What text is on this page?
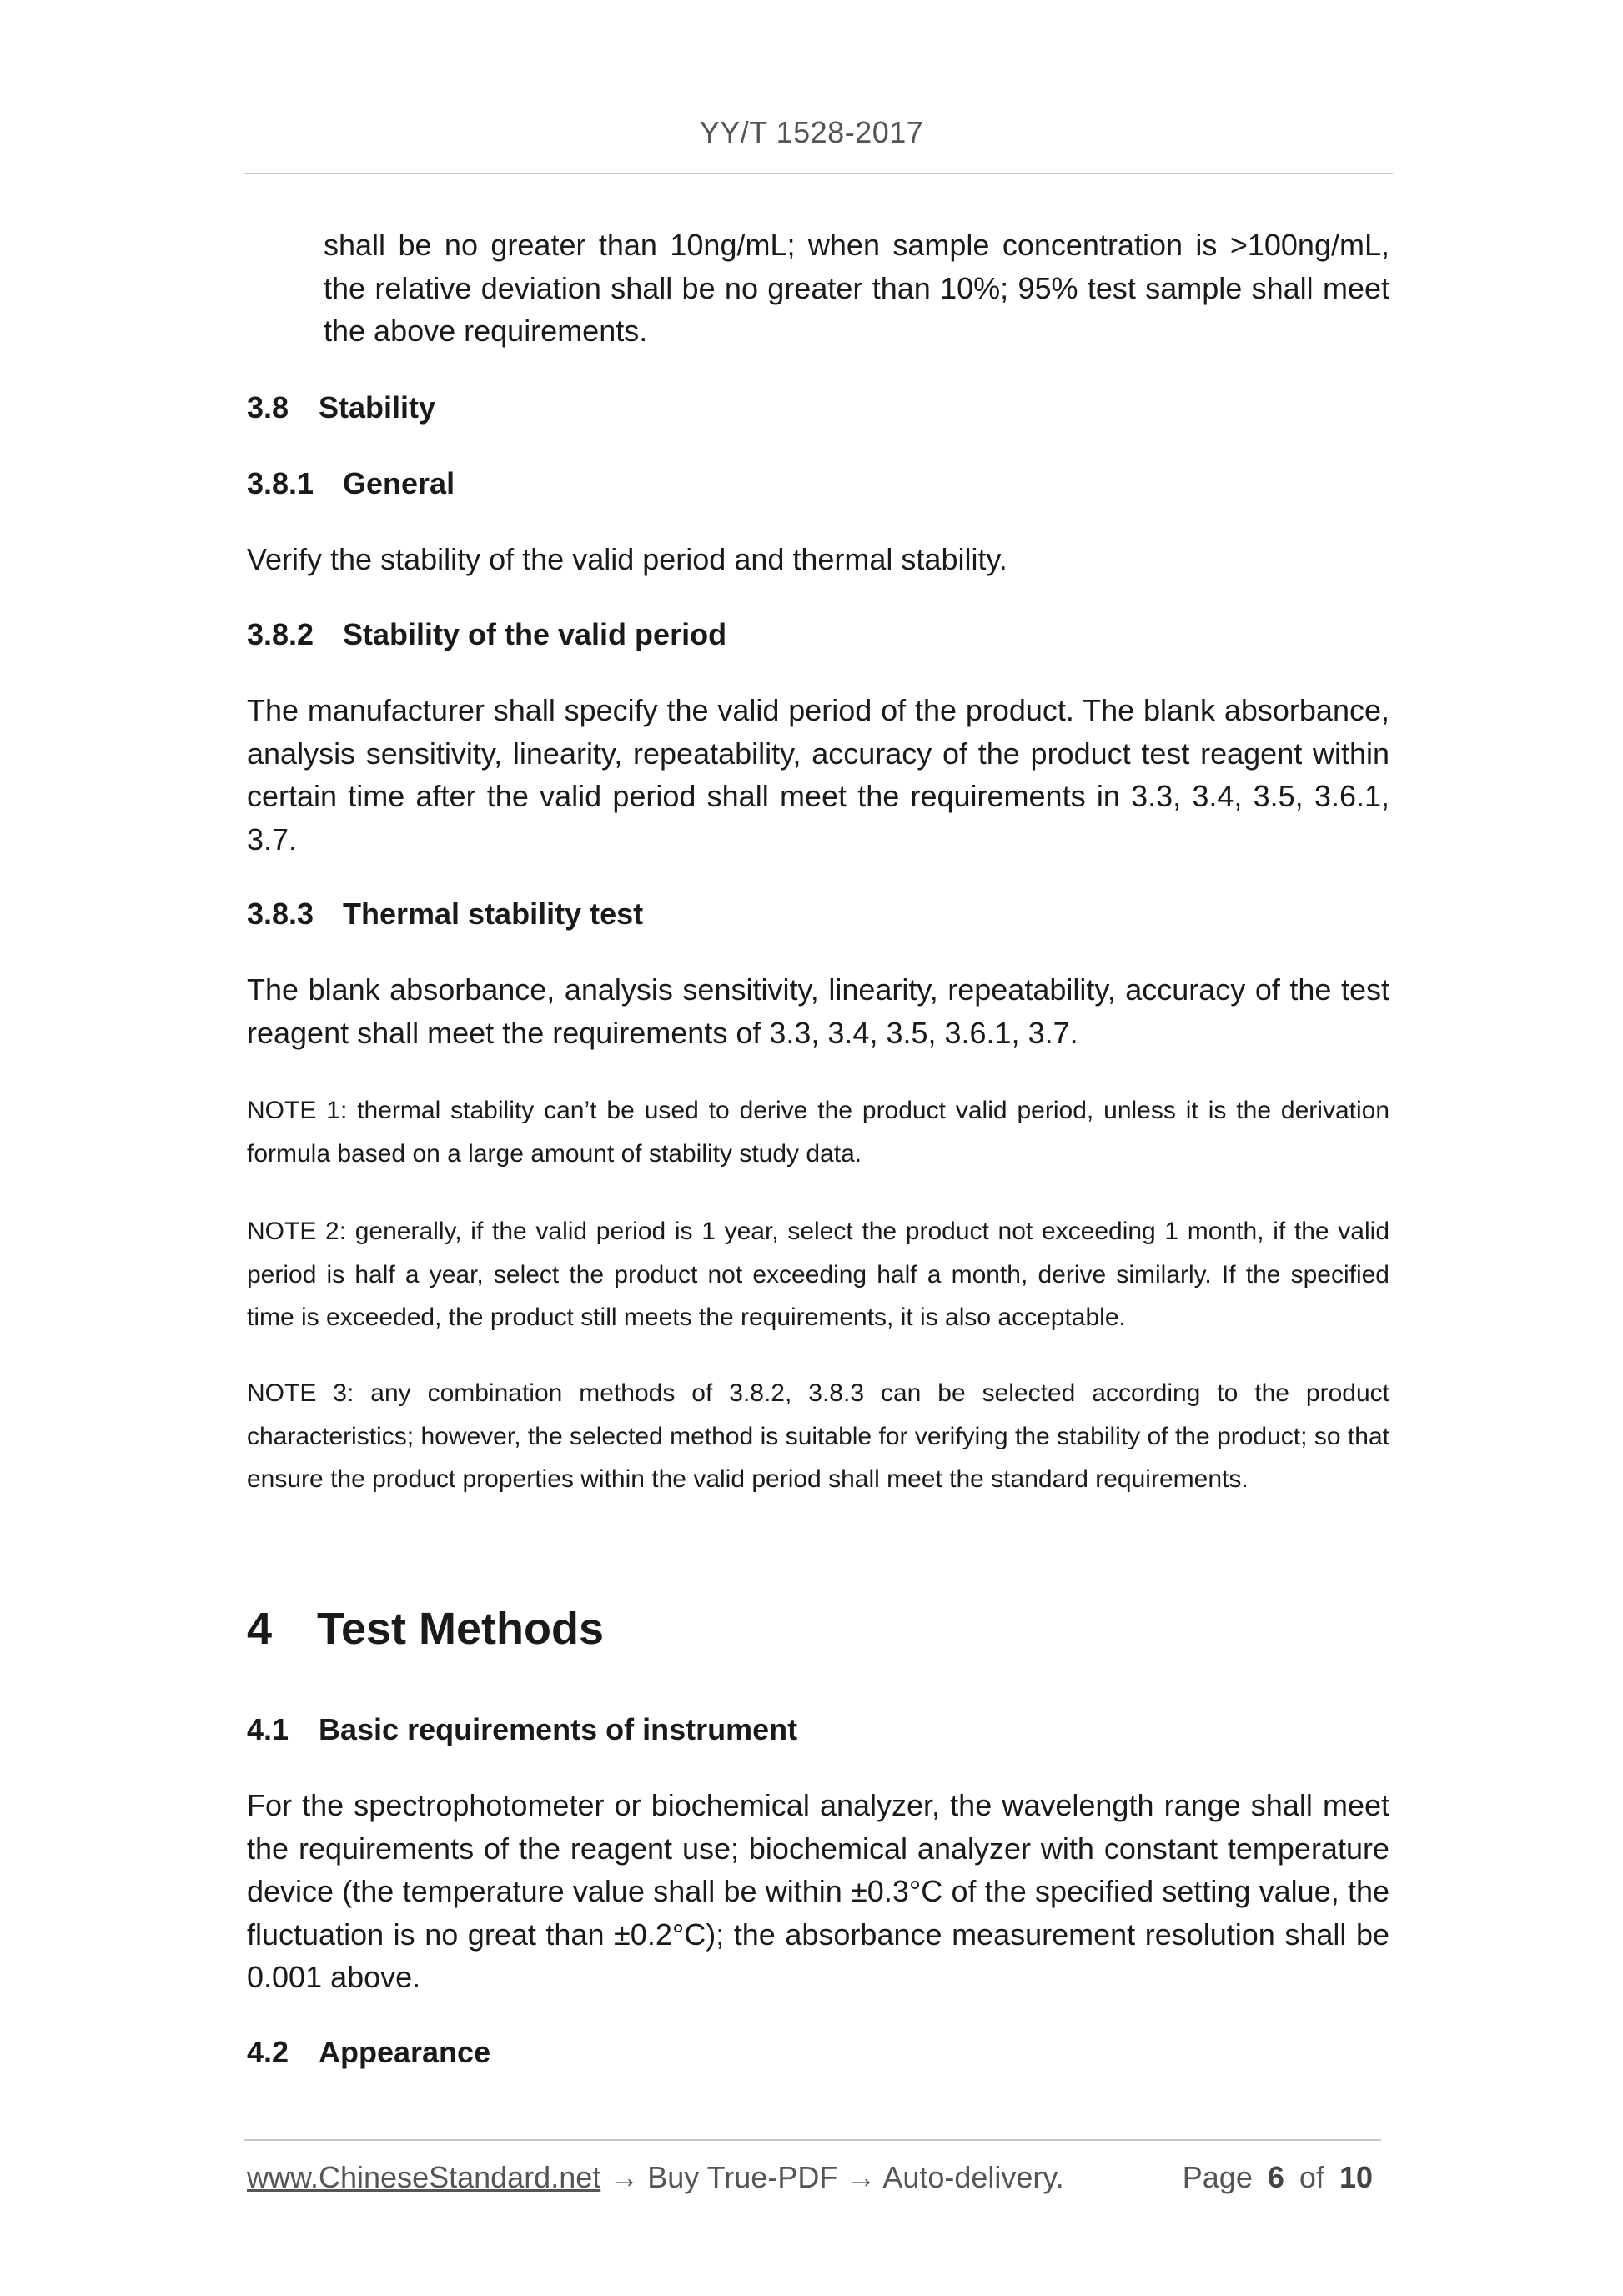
YY/T 1528-2017

shall be no greater than 10ng/mL; when sample concentration is >100ng/mL, the relative deviation shall be no greater than 10%; 95% test sample shall meet the above requirements.

3.8 Stability
3.8.1 General

Verify the stability of the valid period and thermal stability.

3.8.2 Stability of the valid period

The manufacturer shall specify the valid period of the product. The blank absorbance, analysis sensitivity, linearity, repeatability, accuracy of the product test reagent within certain time after the valid period shall meet the requirements in 3.3, 3.4, 3.5, 3.6.1, 3.7.

3.8.3 Thermal stability test

The blank absorbance, analysis sensitivity, linearity, repeatability, accuracy of the test reagent shall meet the requirements of 3.3, 3.4, 3.5, 3.6.1, 3.7.

NOTE 1: thermal stability can’t be used to derive the product valid period, unless it is the derivation formula based on a large amount of stability study data.

NOTE 2: generally, if the valid period is 1 year, select the product not exceeding 1 month, if the valid period is half a year, select the product not exceeding half a month, derive similarly. If the specified time is exceeded, the product still meets the requirements, it is also acceptable.

NOTE 3: any combination methods of 3.8.2, 3.8.3 can be selected according to the product characteristics; however, the selected method is suitable for verifying the stability of the product; so that ensure the product properties within the valid period shall meet the standard requirements.

4 Test Methods
4.1 Basic requirements of instrument

For the spectrophotometer or biochemical analyzer, the wavelength range shall meet the requirements of the reagent use; biochemical analyzer with constant temperature device (the temperature value shall be within ±0.3°C of the specified setting value, the fluctuation is no great than ±0.2°C); the absorbance measurement resolution shall be 0.001 above.

4.2 Appearance
www.ChineseStandard.net → Buy True-PDF → Auto-delivery.	Page 6 of 10
